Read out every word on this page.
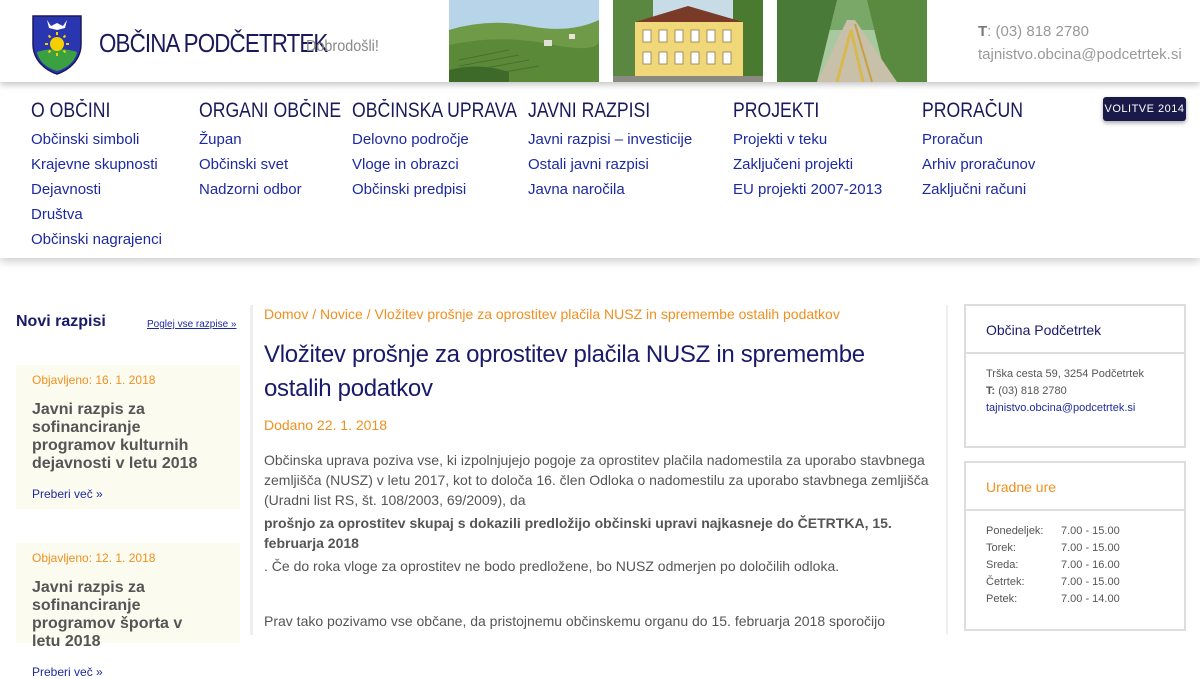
OBČINA PODČETRTEK
Dobrodošli!
T: (03) 818 2780
tajnistvo.obcina@podcetrtek.si
O OBČINI
Občinski simboli
Krajevne skupnosti
Dejavnosti
Društva
Občinski nagrajenci
ORGANI OBČINE
Župan
Občinski svet
Nadzorni odbor
OBČINSKA UPRAVA
Delovno področje
Vloge in obrazci
Občinski predpisi
JAVNI RAZPISI
Javni razpisi – investicije
Ostali javni razpisi
Javna naročila
PROJEKTI
Projekti v teku
Zaključeni projekti
EU projekti 2007-2013
PRORAČUN
Proračun
Arhiv proračunov
Zaključni računi
VOLITVE 2014
Novi razpisi	Poglej vse razpise »
Objavljeno: 16. 1. 2018
Javni razpis za sofinanciranje programov kulturnih dejavnosti v letu 2018
Preberi več »
Objavljeno: 12. 1. 2018
Javni razpis za sofinanciranje programov športa v letu 2018
Preberi več »
Domov / Novice / Vložitev prošnje za oprostitev plačila NUSZ in spremembe ostalih podatkov
Vložitev prošnje za oprostitev plačila NUSZ in spremembe ostalih podatkov
Dodano 22. 1. 2018

Občinska uprava poziva vse, ki izpolnjujejo pogoje za oprostitev plačila nadomestila za uporabo stavbnega zemljišča (NUSZ) v letu 2017, kot to določa 16. člen Odloka o nadomestilu za uporabo stavbnega zemljišča (Uradni list RS, št. 108/2003, 69/2009), da

prošnjo za oprostitev skupaj s dokazili predložijo občinski upravi najkasneje do ČETRTKA, 15. februarja 2018

. Če do roka vloge za oprostitev ne bodo predložene, bo NUSZ odmerjen po določilih odloka.

Prav tako pozivamo vse občane, da pristojnemu občinskemu organu do 15. februarja 2018 sporočijo

Občina Podčetrtek
Trška cesta 59, 3254 Podčetrtek
T: (03) 818 2780
tajnistvo.obcina@podcetrtek.si
Uradne ure
Ponedeljek:	7.00 - 15.00
Torek:	7.00 - 15.00
Sreda:	7.00 - 16.00
Četrtek:	7.00 - 15.00
Petek:	7.00 - 14.00
